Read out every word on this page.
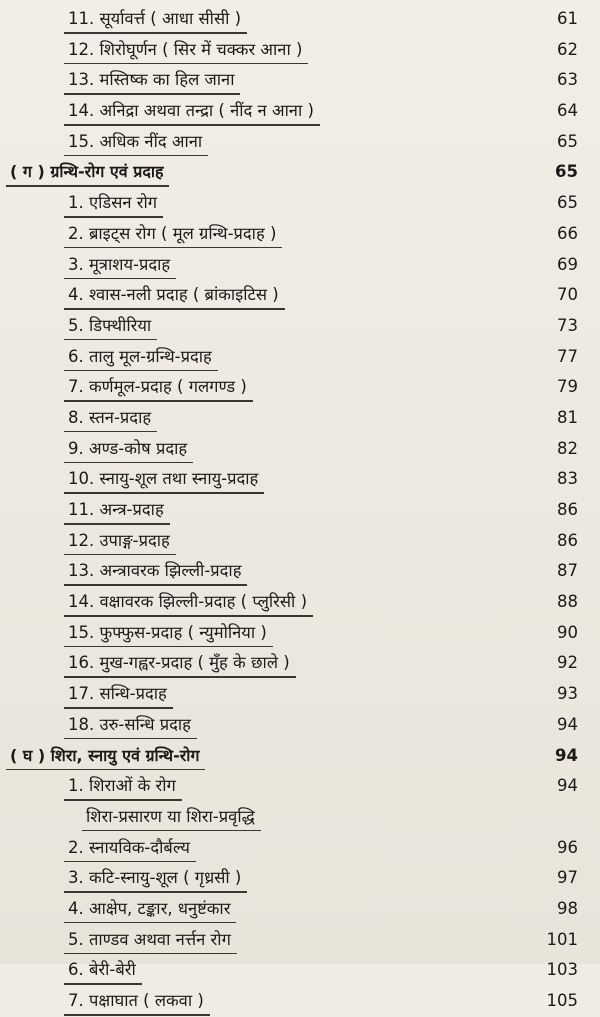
11. सूर्यावर्त्त ( आधा सीसी )	61
12. शिरोघूर्णन ( सिर में चक्कर आना )	62
13. मस्तिष्क का हिल जाना	63
14. अनिद्रा अथवा तन्द्रा ( नींद न आना )	64
15. अधिक नींद आना	65
( ग ) ग्रन्थि-रोग एवं प्रदाह	65
1. एडिसन रोग	65
2. ब्राइट्स रोग ( मूल ग्रन्थि-प्रदाह )	66
3. मूत्राशय-प्रदाह	69
4. श्वास-नली प्रदाह ( ब्रांकाइटिस )	70
5. डिफ्थीरिया	73
6. तालु मूल-ग्रन्थि-प्रदाह	77
7. कर्णमूल-प्रदाह ( गलगण्ड )	79
8. स्तन-प्रदाह	81
9. अण्ड-कोष प्रदाह	82
10. स्नायु-शूल तथा स्नायु-प्रदाह	83
11. अन्त्र-प्रदाह	86
12. उपाङ्ग-प्रदाह	86
13. अन्त्रावरक झिल्ली-प्रदाह	87
14. वक्षावरक झिल्ली-प्रदाह ( प्लुरिसी )	88
15. फुफ्फुस-प्रदाह ( न्युमोनिया )	90
16. मुख-गह्वर-प्रदाह ( मुँह के छाले )	92
17. सन्धि-प्रदाह	93
18. उरु-सन्धि प्रदाह	94
( घ ) शिरा, स्नायु एवं ग्रन्थि-रोग	94
1. शिराओं के रोग	94
शिरा-प्रसारण या शिरा-प्रवृद्धि
2. स्नायविक-दौर्बल्य	96
3. कटि-स्नायु-शूल ( गृध्रसी )	97
4. आक्षेप, टङ्कार, धनुष्टंकार	98
5. ताण्डव अथवा नर्त्तन रोग	101
6. बेरी-बेरी	103
7. पक्षाघात ( लकवा )	105
